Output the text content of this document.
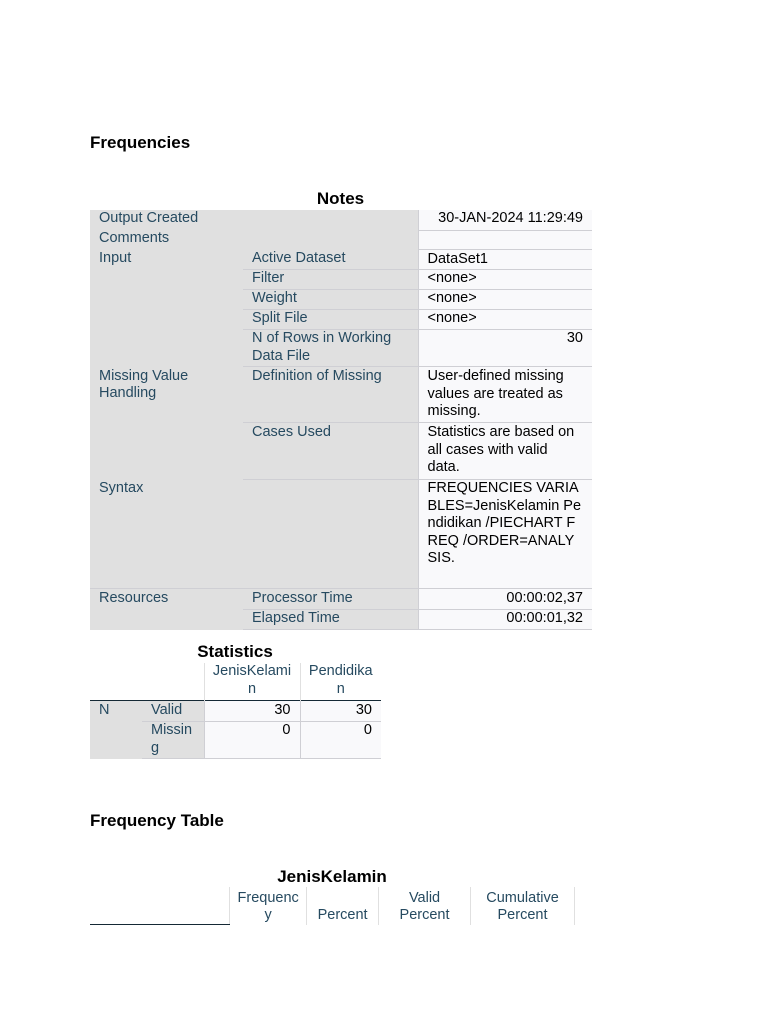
Frequencies
Notes
Output Created		30-JAN-2024 11:29:49
Comments		
Input	Active Dataset	DataSet1
	Filter	<none>
	Weight	<none>
	Split File	<none>
	N of Rows in Working Data File	30
Missing Value Handling	Definition of Missing	User-defined missing values are treated as missing.
	Cases Used	Statistics are based on all cases with valid data.
Syntax		FREQUENCIES VARIABLES=JenisKelamin Pendidikan /PIECHART FREQ /ORDER=ANALYSIS.
Resources	Processor Time	00:00:02,37
	Elapsed Time	00:00:01,32
Statistics
		JenisKelamin	Pendidikan
N	Valid	30	30
	Missing	0	0
Frequency Table
JenisKelamin
	Frequency	Percent	Valid Percent	Cumulative Percent
